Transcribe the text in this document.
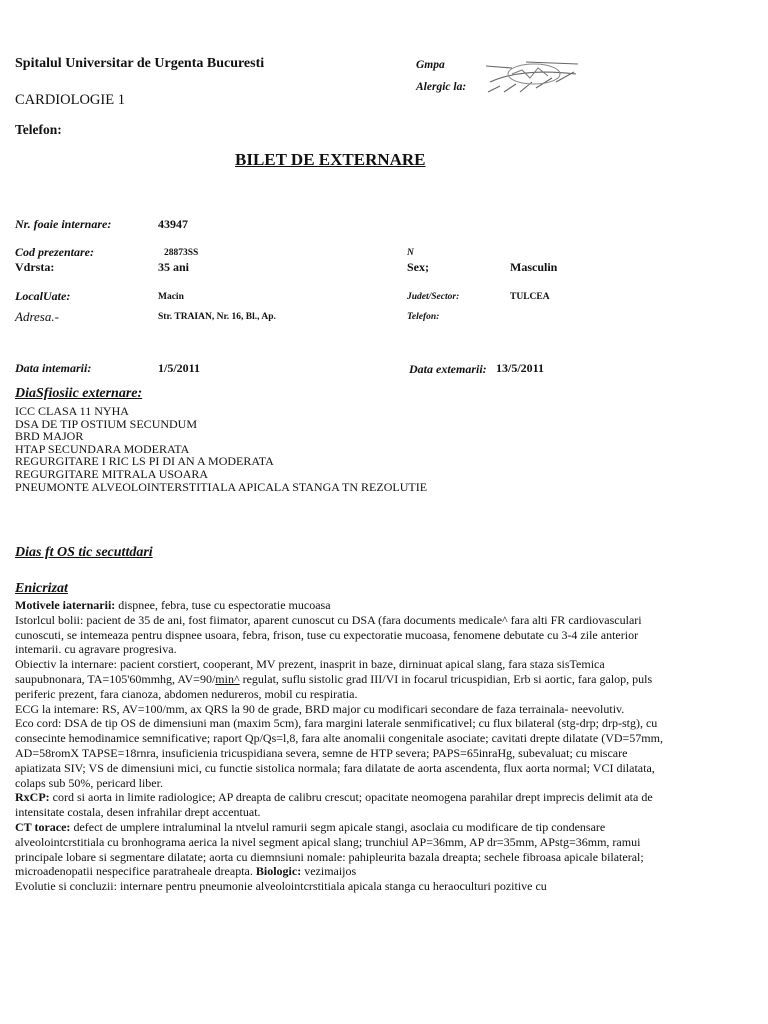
Spitalul Universitar de Urgenta Bucuresti
CARDIOLOGIE 1
Telefon:
Gmpa
Alergic la:
BILET DE EXTERNARE
Nr. foaie internare:	43947
Cod prezentare:	28873SS	N
Vdrsta:	35 ani	Sex;	Masculin
LocalUate:	Macin	Judet/Sector:	TULCEA
Adresa.-	Str. TRAIAN, Nr. 16, Bl., Ap.	Telefon:
Data intemarii:	1/5/2011	Data extemarii: 13/5/2011
DiaSfiosiic externare:
ICC CLASA 11 NYHA
DSA DE TIP OSTIUM SECUNDUM
BRD MAJOR
HTAP SECUNDARA MODERATA
REGURGITARE I RIC LS PI DI AN A MODERATA
REGURGITARE MITRALA USOARA
PNEUMONTE ALVEOLOINTERSTITIALA APICALA STANGA TN REZOLUTIE
Dias ft OS tic secuttdari
Enicrizat

Motivele iaternarii: dispnee, febra, tuse cu espectoratie mucoasa

Istorlcul bolii: pacient de 35 de ani, fost fiimator, aparent cunoscut cu DSA (fara documents medicale^ fara alti FR cardiovasculari cunoscuti, se intemeaza pentru dispnee usoara, febra, frison, tuse cu expectoratie mucoasa, fenomene debutate cu 3-4 zile anterior intemarii. cu agravare progresiva.

Obiectiv la internare: pacient corstiert, cooperant, MV prezent, inasprit in baze, dirninuat apical slang, fara staza sisTemica saupubnonara, TA=105'60mmhg, AV=90/min^ regulat, suflu sistolic grad III/VI in focarul tricuspidian, Erb si aortic, fara galop, puls periferic prezent, fara cianoza, abdomen nedureros, mobil cu respiratia.

ECG la intemare: RS, AV=100/mm, ax QRS la 90 de grade, BRD major cu modificari secondare de faza terrainala- neevolutiv.

Eco cord: DSA de tip OS de dimensiuni man (maxim 5cm), fara margini laterale senmificativel; cu flux bilateral (stg-drp; drp-stg), cu consecinte hemodinamice semnificative; raport Qp/Qs=l,8, fara alte anomalii congenitale asociate; cavitati drepte dilatate (VD=57mm, AD=58romX TAPSE=18rnra, insuficienia tricuspidiana severa, semne de HTP severa; PAPS=65inraHg, subevaluat; cu miscare apiatizata SIV; VS de dimensiuni mici, cu functie sistolica normala; fara dilatate de aorta ascendenta, flux aorta normal; VCI dilatata, colaps sub 50%, pericard liber.

RxCP: cord si aorta in limite radiologice; AP dreapta de calibru crescut; opacitate neomogena parahilar drept imprecis delimit ata de intensitate costala, desen infrahilar drept accentuat.

CT torace: defect de umplere intraluminal la ntvelul ramurii segm apicale stangi, asoclaia cu modificare de tip condensare alveolointcrstitiala cu bronhograma aerica la nivel segment apical slang; trunchiul AP=36mm, AP dr=35mm, APstg=36mm, ramui principale lobare si segmentare dilatate; aorta cu diemnsiuni nomale: pahipleurita bazala dreapta; sechele fibroasa apicale bilateral; microadenopatii nespecifice paratraheale dreapta. Biologic: vezimaijos

Evolutie si concluzii: internare pentru pneumonie alveolointcrstitiala apicala stanga cu heraoculturi pozitive cu
